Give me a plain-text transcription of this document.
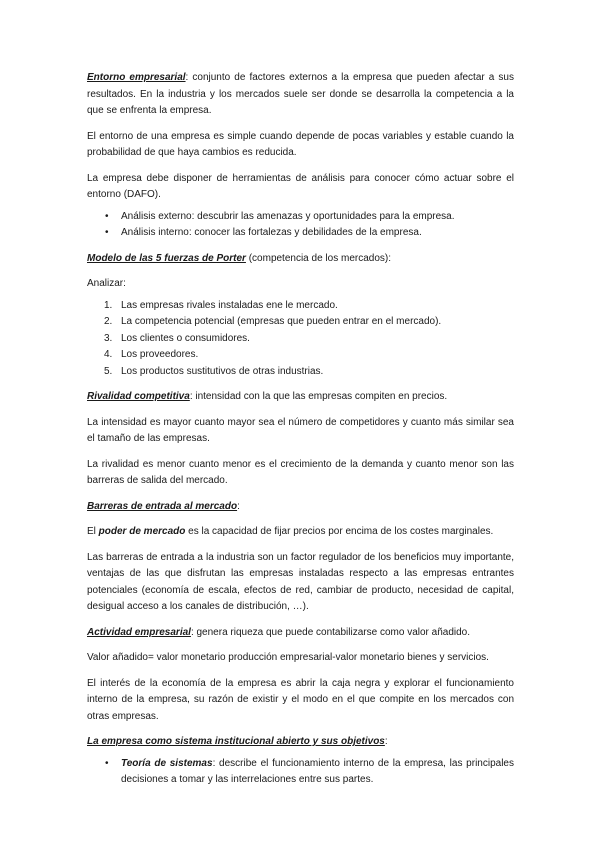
Entorno empresarial: conjunto de factores externos a la empresa que pueden afectar a sus resultados. En la industria y los mercados suele ser donde se desarrolla la competencia a la que se enfrenta la empresa.

El entorno de una empresa es simple cuando depende de pocas variables y estable cuando la probabilidad de que haya cambios es reducida.

La empresa debe disponer de herramientas de análisis para conocer cómo actuar sobre el entorno (DAFO).

• Análisis externo: descubrir las amenazas y oportunidades para la empresa.
• Análisis interno: conocer las fortalezas y debilidades de la empresa.

Modelo de las 5 fuerzas de Porter (competencia de los mercados):

Analizar:

1. Las empresas rivales instaladas ene le mercado.
2. La competencia potencial (empresas que pueden entrar en el mercado).
3. Los clientes o consumidores.
4. Los proveedores.
5. Los productos sustitutivos de otras industrias.

Rivalidad competitiva: intensidad con la que las empresas compiten en precios.

La intensidad es mayor cuanto mayor sea el número de competidores y cuanto más similar sea el tamaño de las empresas.

La rivalidad es menor cuanto menor es el crecimiento de la demanda y cuanto menor son las barreras de salida del mercado.

Barreras de entrada al mercado:

El poder de mercado es la capacidad de fijar precios por encima de los costes marginales.

Las barreras de entrada a la industria son un factor regulador de los beneficios muy importante, ventajas de las que disfrutan las empresas instaladas respecto a las empresas entrantes potenciales (economía de escala, efectos de red, cambiar de producto, necesidad de capital, desigual acceso a los canales de distribución, …).

Actividad empresarial: genera riqueza que puede contabilizarse como valor añadido.

Valor añadido= valor monetario producción empresarial-valor monetario bienes y servicios.

El interés de la economía de la empresa es abrir la caja negra y explorar el funcionamiento interno de la empresa, su razón de existir y el modo en el que compite en los mercados con otras empresas.

La empresa como sistema institucional abierto y sus objetivos:

• Teoría de sistemas: describe el funcionamiento interno de la empresa, las principales decisiones a tomar y las interrelaciones entre sus partes.
